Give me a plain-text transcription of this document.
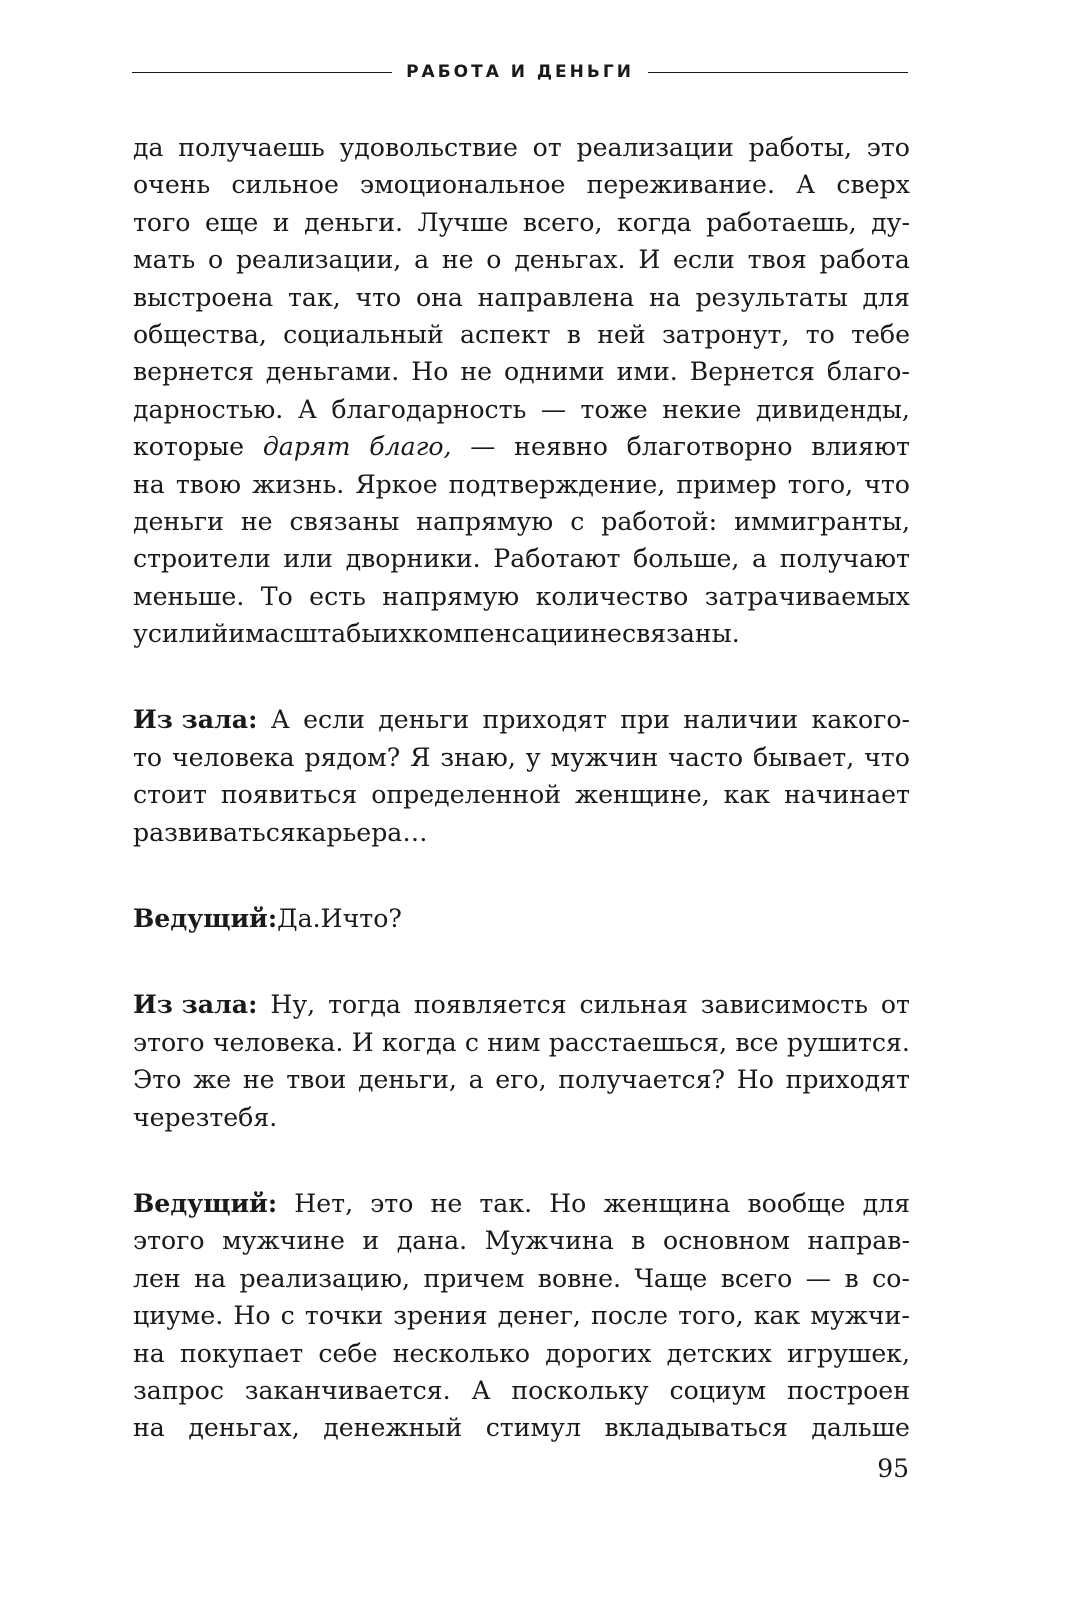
РАБОТА И ДЕНЬГИ
да получаешь удовольствие от реализации работы, это
очень сильное эмоциональное переживание. А сверх
того еще и деньги. Лучше всего, когда работаешь, ду-
мать о реализации, а не о деньгах. И если твоя работа
выстроена так, что она направлена на результаты для
общества, социальный аспект в ней затронут, то тебе
вернется деньгами. Но не одними ими. Вернется благо-
дарностью. А благодарность — тоже некие дивиденды,
которые дарят благо, — неявно благотворно влияют
на твою жизнь. Яркое подтверждение, пример того, что
деньги не связаны напрямую с работой: иммигранты,
строители или дворники. Работают больше, а получают
меньше. То есть напрямую количество затрачиваемых
усилий и масштабы их компенсации не связаны.
Из зала: А если деньги приходят при наличии какого-
то человека рядом? Я знаю, у мужчин часто бывает, что
стоит появиться определенной женщине, как начинает
развиваться карьера…
Ведущий: Да. И что?
Из зала: Ну, тогда появляется сильная зависимость от
этого человека. И когда с ним расстаешься, все рушится.
Это же не твои деньги, а его, получается? Но приходят
через тебя.
Ведущий: Нет, это не так. Но женщина вообще для
этого мужчине и дана. Мужчина в основном направ-
лен на реализацию, причем вовне. Чаще всего — в со-
циуме. Но с точки зрения денег, после того, как мужчи-
на покупает себе несколько дорогих детских игрушек,
запрос заканчивается. А поскольку социум построен
на деньгах, денежный стимул вкладываться дальше
95
